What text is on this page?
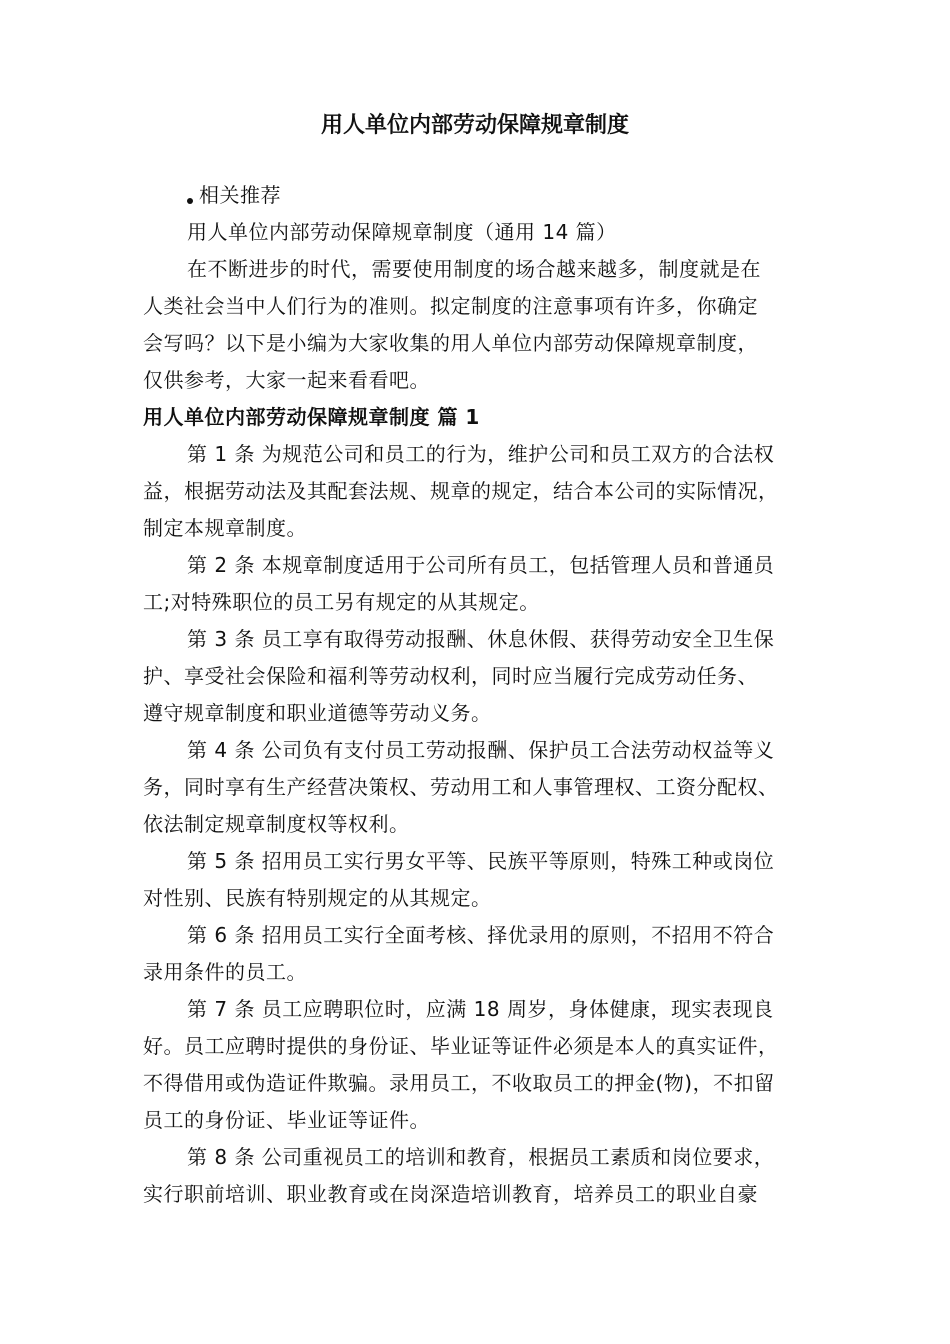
用人单位内部劳动保障规章制度
相关推荐
用人单位内部劳动保障规章制度（通用 14 篇）
在不断进步的时代，需要使用制度的场合越来越多，制度就是在
人类社会当中人们行为的准则。拟定制度的注意事项有许多，你确定
会写吗？以下是小编为大家收集的用人单位内部劳动保障规章制度，
仅供参考，大家一起来看看吧。
用人单位内部劳动保障规章制度 篇 1
第 1 条 为规范公司和员工的行为，维护公司和员工双方的合法权
益，根据劳动法及其配套法规、规章的规定，结合本公司的实际情况，
制定本规章制度。
第 2 条 本规章制度适用于公司所有员工，包括管理人员和普通员
工;对特殊职位的员工另有规定的从其规定。
第 3 条 员工享有取得劳动报酬、休息休假、获得劳动安全卫生保
护、享受社会保险和福利等劳动权利，同时应当履行完成劳动任务、
遵守规章制度和职业道德等劳动义务。
第 4 条 公司负有支付员工劳动报酬、保护员工合法劳动权益等义
务，同时享有生产经营决策权、劳动用工和人事管理权、工资分配权、
依法制定规章制度权等权利。
第 5 条 招用员工实行男女平等、民族平等原则，特殊工种或岗位
对性别、民族有特别规定的从其规定。
第 6 条 招用员工实行全面考核、择优录用的原则，不招用不符合
录用条件的员工。
第 7 条 员工应聘职位时，应满 18 周岁，身体健康，现实表现良
好。员工应聘时提供的身份证、毕业证等证件必须是本人的真实证件，
不得借用或伪造证件欺骗。录用员工，不收取员工的押金(物)，不扣留
员工的身份证、毕业证等证件。
第 8 条 公司重视员工的培训和教育，根据员工素质和岗位要求，
实行职前培训、职业教育或在岗深造培训教育，培养员工的职业自豪
